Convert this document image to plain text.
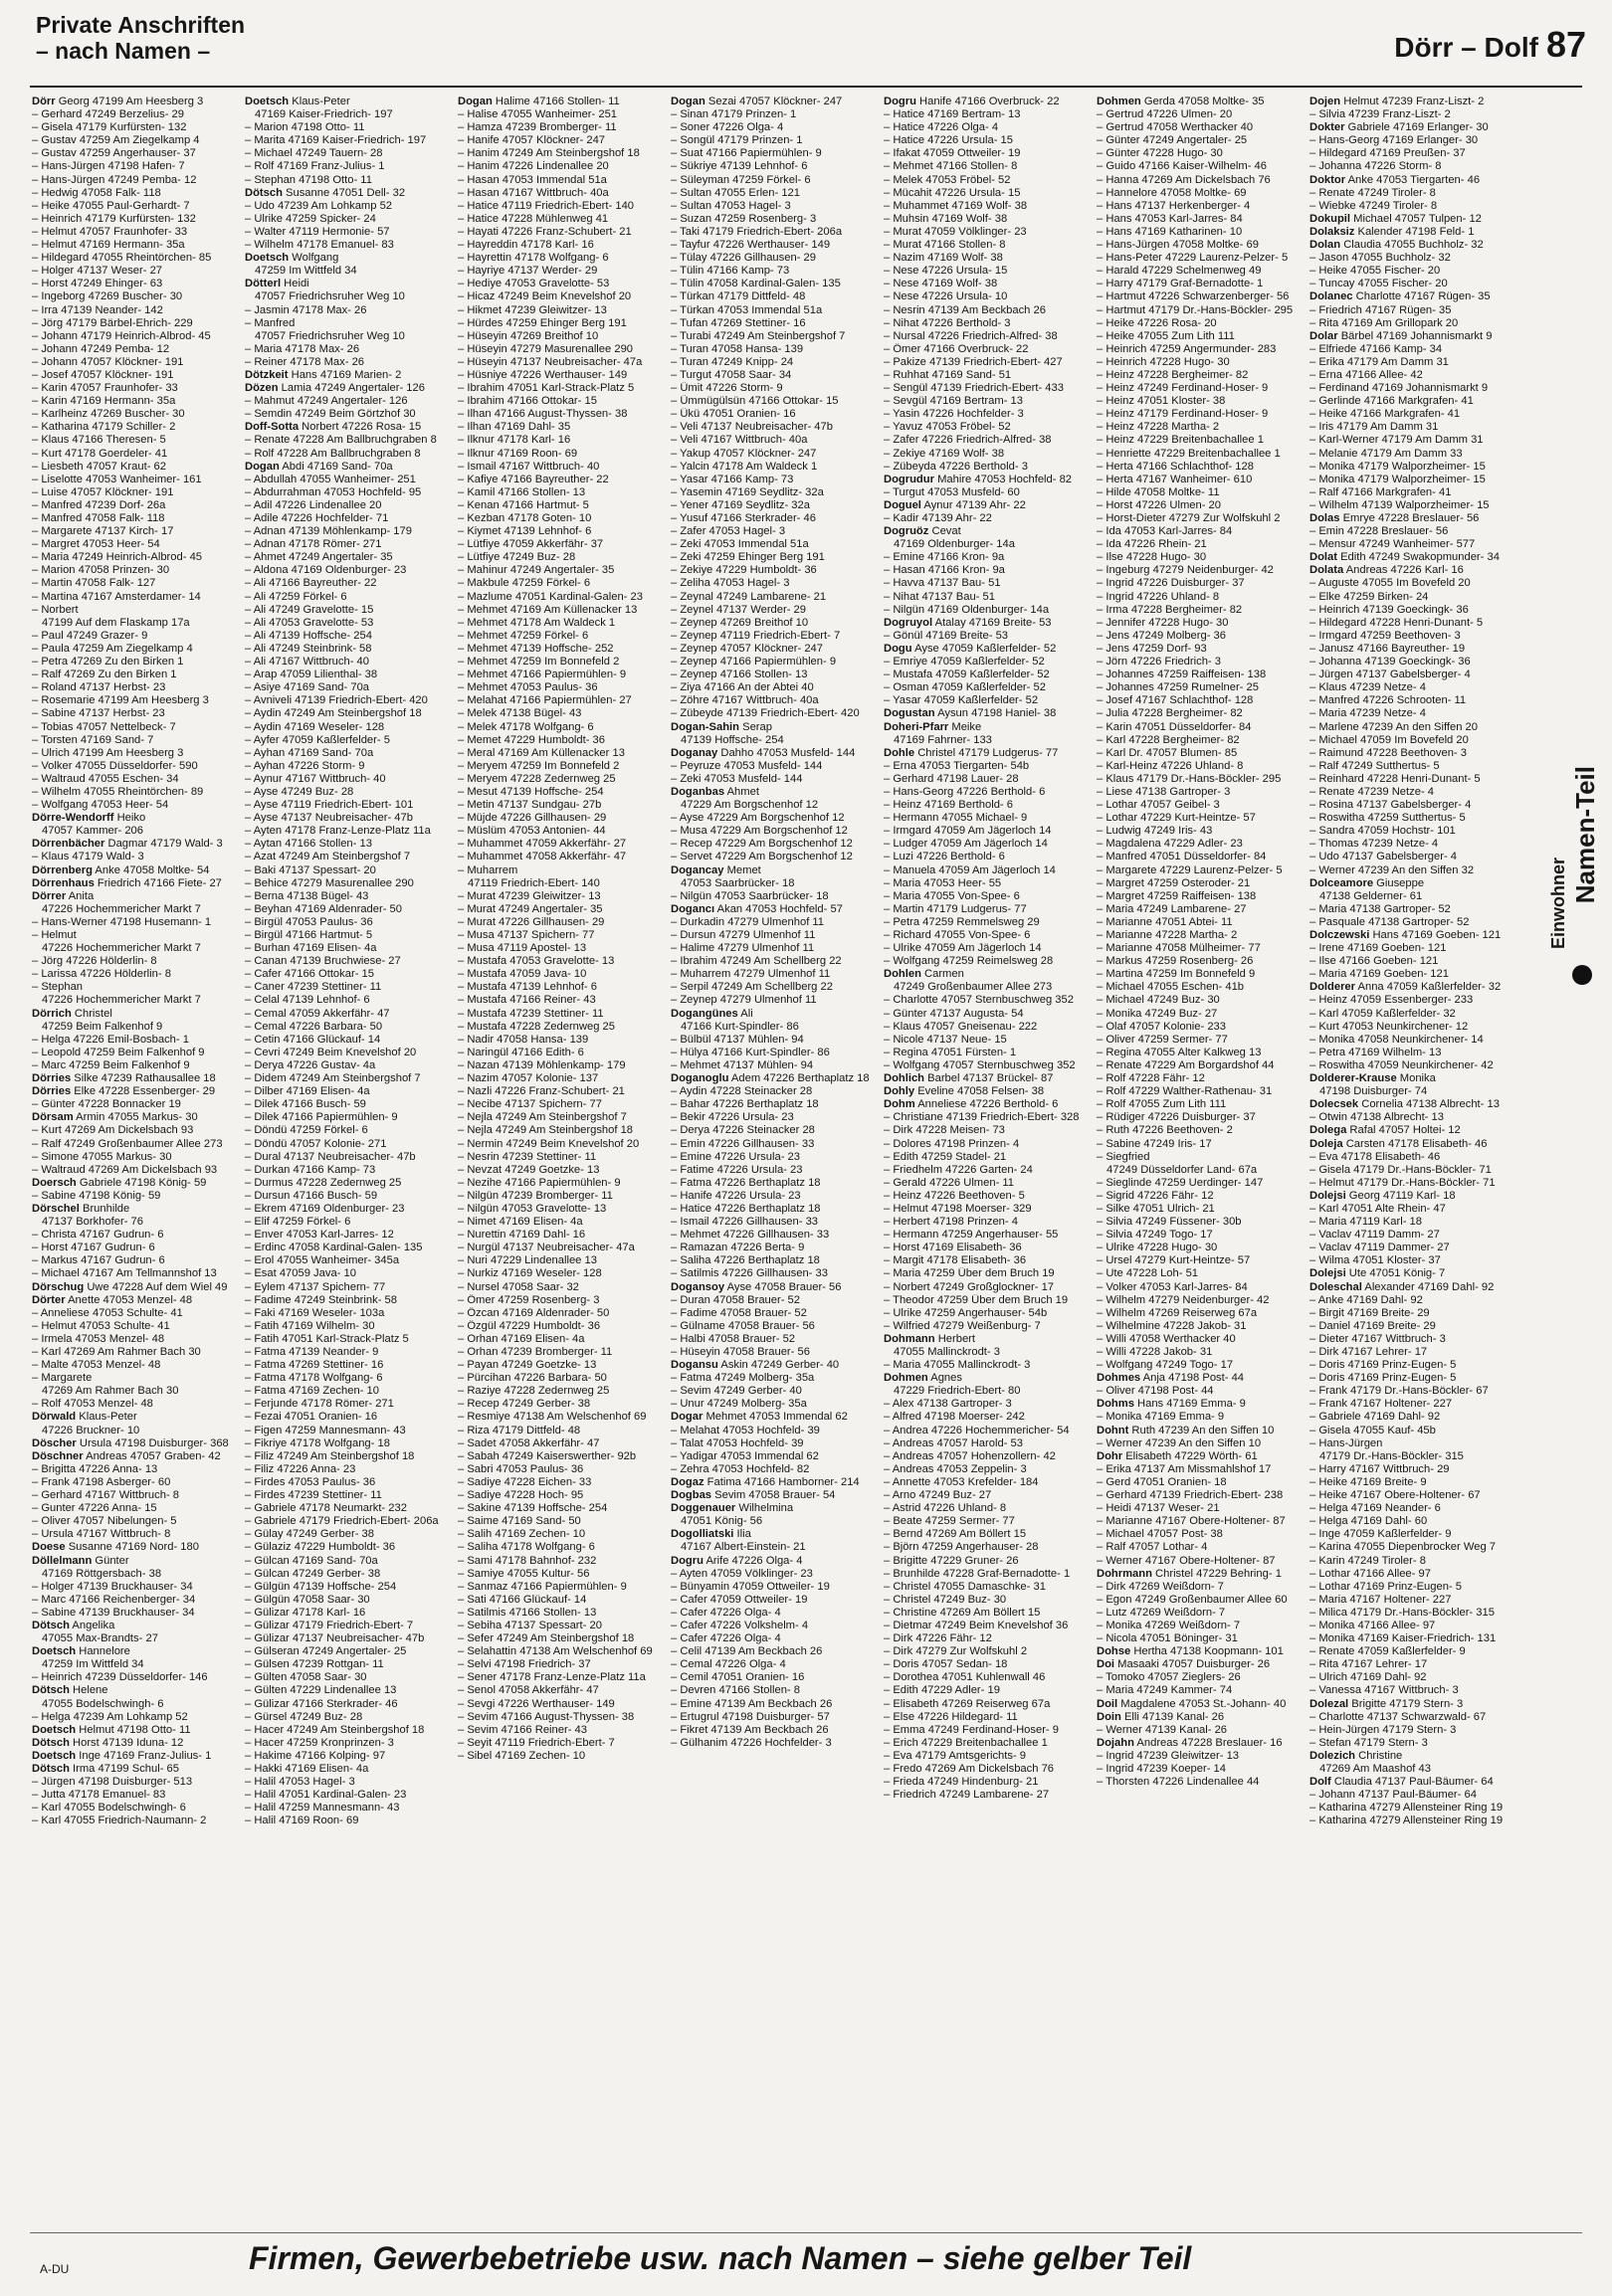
Private Anschriften
– nach Namen –	Dörr – Dolf 87
Dörr Georg 47199 Am Heesberg 3
– Gerhard 47249 Berzelius- 29
– Gisela 47179 Kurfürsten- 132
– Gustav 47259 Am Ziegelkamp 4
– Gustav 47259 Angerhauser- 37
– Hans-Jürgen 47198 Hafen- 7
– Hans-Jürgen 47249 Pemba- 12
– Hedwig 47058 Falk- 118
– Heike 47055 Paul-Gerhardt- 7
– Heinrich 47179 Kurfürsten- 132
– Helmut 47057 Fraunhofer- 33
– Helmut 47169 Hermann- 35a
– Hildegard 47055 Rheintörchen- 85
– Holger 47137 Weser- 27
– Horst 47249 Ehinger- 63
– Ingeborg 47269 Buscher- 30
– Irra 47139 Neander- 142
– Jörg 47179 Bärbel-Ehrich- 229
– Johann 47179 Heinrich-Albrod- 45
– Johann 47249 Pemba- 12
– Johann 47057 Klöckner- 191
– Josef 47057 Klöckner- 191
– Karin 47057 Fraunhofer- 33
– Karin 47169 Hermann- 35a
– Karlheinz 47269 Buscher- 30
– Katharina 47179 Schiller- 2
– Klaus 47166 Theresen- 5
– Kurt 47178 Goerdeler- 41
– Liesbeth 47057 Kraut- 62
– Liselotte 47053 Wanheimer- 161
– Luise 47057 Klöckner- 191
– Manfred 47239 Dorf- 26a
– Manfred 47058 Falk- 118
– Margarete 47137 Kirch- 17
– Margret 47053 Heer- 54
– Maria 47249 Heinrich-Albrod- 45
– Marion 47058 Prinzen- 30
– Martin 47058 Falk- 127
– Martina 47167 Amsterdamer- 14
– Norbert
47199 Auf dem Flaskamp 17a
– Paul 47249 Grazer- 9
– Paula 47259 Am Ziegelkamp 4
– Petra 47269 Zu den Birken 1
– Ralf 47269 Zu den Birken 1
– Roland 47137 Herbst- 23
– Rosemarie 47199 Am Heesberg 3
– Sabine 47137 Herbst- 23
– Tobias 47057 Nettelbeck- 7
– Torsten 47169 Sand- 7
– Ulrich 47199 Am Heesberg 3
– Volker 47055 Düsseldorfer- 590
– Waltraud 47055 Eschen- 34
– Wilhelm 47055 Rheintörchen- 89
– Wolfgang 47053 Heer- 54
Dörre-Wendorff Heiko
47057 Kammer- 206
Dörrenbächer Dagmar 47179 Wald- 3
– Klaus 47179 Wald- 3
Dörrenberg Anke 47058 Moltke- 54
Dörrenhaus Friedrich 47166 Fiete- 27
Dörrer Anita
47226 Hochemmericher Markt 7
– Hans-Werner 47198 Husemann- 1
– Helmut
47226 Hochemmericher Markt 7
– Jörg 47226 Hölderlin- 8
– Larissa 47226 Hölderlin- 8
– Stephan
47226 Hochemmericher Markt 7
Dörrich Christel
47259 Beim Falkenhof 9
– Helga 47226 Emil-Bosbach- 1
– Leopold 47259 Beim Falkenhof 9
– Marc 47259 Beim Falkenhof 9
Dörries Silke 47239 Rathausallee 18
Dörries Elke 47228 Essenberger- 29
– Günter 47228 Bonnacker 19
Dörsam Armin 47055 Markus- 30
– Kurt 47269 Am Dickelsbach 93
– Ralf 47249 Großenbaumer Allee 273
– Simone 47055 Markus- 30
– Waltraud 47269 Am Dickelsbach 93
Doersch Gabriele 47198 König- 59
– Sabine 47198 König- 59
Dörschel Brunhilde
47137 Borkhofer- 76
– Christa 47167 Gudrun- 6
– Horst 47167 Gudrun- 6
– Markus 47167 Gudrun- 6
– Michael 47167 Am Tellmannshof 13
Dörschug Uwe 47228 Auf dem Wiel 49
Dörter Anette 47053 Menzel- 48
– Anneliese 47053 Schulte- 41
– Helmut 47053 Schulte- 41
– Irmela 47053 Menzel- 48
– Karl 47269 Am Rahmer Bach 30
– Malte 47053 Menzel- 48
– Margarete
47269 Am Rahmer Bach 30
– Rolf 47053 Menzel- 48
Dörwald Klaus-Peter
47226 Bruckner- 10
Döscher Ursula 47198 Duisburger- 368
Döschner Andreas 47057 Graben- 42
– Brigitta 47226 Anna- 13
– Frank 47198 Asberger- 60
– Gerhard 47167 Wittbruch- 8
– Gunter 47226 Anna- 15
– Oliver 47057 Nibelungen- 5
– Ursula 47167 Wittbruch- 8
Doese Susanne 47169 Nord- 180
Döllelmann Günter
47169 Röttgersbach- 38
– Holger 47139 Bruckhauser- 34
– Marc 47166 Reichenberger- 34
– Sabine 47139 Bruckhauser- 34
Dötsch Angelika
47055 Max-Brandts- 27
Doetsch Hannelore
47259 Im Wittfeld 34
– Heinrich 47239 Düsseldorfer- 146
Dötsch Helene
47055 Bodelschwingh- 6
– Helga 47239 Am Lohkamp 52
Doetsch Helmut 47198 Otto- 11
Dötsch Horst 47139 Iduna- 12
Doetsch Inge 47169 Franz-Julius- 1
Dötsch Irma 47199 Schul- 65
– Jürgen 47198 Duisburger- 513
– Jutta 47178 Emanuel- 83
– Karl 47055 Bodelschwingh- 6
– Karl 47055 Friedrich-Naumann- 2
Doetsch Klaus-Peter
47169 Kaiser-Friedrich- 197
– Marion 47198 Otto- 11
– Marita 47169 Kaiser-Friedrich- 197
– Michael 47249 Tauern- 28
– Rolf 47169 Franz-Julius- 1
– Stephan 47198 Otto- 11
Dötsch Susanne 47051 Dell- 32
– Udo 47239 Am Lohkamp 52
– Ulrike 47259 Spicker- 24
– Walter 47119 Hermonie- 57
– Wilhelm 47178 Emanuel- 83
Doetsch Wolfgang
47259 Im Wittfeld 34
Dötterl Heidi
47057 Friedrichsruher Weg 10
– Jasmin 47178 Max- 26
– Manfred
47057 Friedrichsruher Weg 10
– Maria 47178 Max- 26
– Reiner 47178 Max- 26
Dötzkeit Hans 47169 Marien- 2
Dözen Lamia 47249 Angertaler- 126
– Mahmut 47249 Angertaler- 126
– Semdin 47249 Beim Görtzhof 30
Doff-Sotta Norbert 47226 Rosa- 15
– Renate 47228 Am Ballbruchgraben 8
– Rolf 47228 Am Ballbruchgraben 8
Dogan Abdi 47169 Sand- 70a
– Abdullah 47055 Wanheimer- 251
– Abdurrahman 47053 Hochfeld- 95
– Adil 47226 Lindenallee 20
– Adile 47226 Hochfelder- 71
– Adnan 47139 Möhlenkamp- 179
– Adnan 47178 Römer- 271
– Ahmet 47249 Angertaler- 35
– Aldona 47169 Oldenburger- 23
– Ali 47166 Bayreuther- 22
– Ali 47259 Förkel- 6
– Ali 47249 Gravelotte- 15
– Ali 47053 Gravelotte- 53
– Ali 47139 Hoffsche- 254
– Ali 47249 Steinbrink- 58
– Ali 47167 Wittbruch- 40
– Arap 47059 Lilienthal- 38
– Asiye 47169 Sand- 70a
– Avniveli 47139 Friedrich-Ebert- 420
– Aydin 47249 Am Steinbergshof 18
– Aydin 47169 Weseler- 128
– Ayfer 47059 Kaßlerfelder- 5
– Ayhan 47169 Sand- 70a
– Ayhan 47226 Storm- 9
– Aynur 47167 Wittbruch- 40
– Ayse 47249 Buz- 28
– Ayse 47119 Friedrich-Ebert- 101
– Ayse 47137 Neubreisacher- 47b
– Ayten 47178 Franz-Lenze-Platz 11a
– Aytan 47166 Stollen- 13
– Azat 47249 Am Steinbergshof 7
– Baki 47137 Spessart- 20
– Behice 47279 Masurenallee 290
– Berna 47138 Bügel- 43
– Beyhan 47169 Aldenrader- 50
– Birgül 47053 Paulus- 36
– Birgül 47166 Hartmut- 5
– Burhan 47169 Elisen- 4a
– Canan 47139 Bruchwiese- 27
– Cafer 47166 Ottokar- 15
– Caner 47239 Stettiner- 11
– Celal 47139 Lehnhof- 6
– Cemal 47059 Akkerfähr- 47
– Cemal 47226 Barbara- 50
– Cetin 47166 Glückauf- 14
– Cevri 47249 Beim Knevelshof 20
– Derya 47226 Gustav- 4a
– Didem 47249 Am Steinbergshof 7
– Dilber 47169 Elisen- 4a
– Dilek 47166 Busch- 59
– Dilek 47166 Papiermühlen- 9
– Döndü 47259 Förkel- 6
– Döndü 47057 Kolonie- 271
– Dural 47137 Neubreisacher- 47b
– Durkan 47166 Kamp- 73
– Durmus 47228 Zedernweg 25
– Dursun 47166 Busch- 59
– Ekrem 47169 Oldenburger- 23
– Elif 47259 Förkel- 6
– Enver 47053 Karl-Jarres- 12
– Erdinc 47058 Kardinal-Galen- 135
– Erol 47055 Wanheimer- 345a
– Esat 47059 Java- 10
– Eylem 47137 Spichern- 77
– Fadime 47249 Steinbrink- 58
– Faki 47169 Weseler- 103a
– Fatih 47169 Wilhelm- 30
– Fatih 47051 Karl-Strack-Platz 5
– Fatma 47139 Neander- 9
– Fatma 47269 Stettiner- 16
– Fatma 47178 Wolfgang- 6
– Fatma 47169 Zechen- 10
– Ferjunde 47178 Römer- 271
– Fezai 47051 Oranien- 16
– Figen 47259 Mannesmann- 43
– Fikriye 47178 Wolfgang- 18
– Filiz 47249 Am Steinbergshof 18
– Filiz 47226 Anna- 23
– Firdes 47053 Paulus- 36
– Firdes 47239 Stettiner- 11
– Gabriele 47178 Neumarkt- 232
– Gabriele 47179 Friedrich-Ebert- 206a
– Gülay 47249 Gerber- 38
– Gülaziz 47229 Humboldt- 36
– Gülcan 47169 Sand- 70a
– Gülcan 47249 Gerber- 38
– Gülgün 47139 Hoffsche- 254
– Gülgün 47058 Saar- 30
– Gülizar 47178 Karl- 16
– Gülizar 47179 Friedrich-Ebert- 7
– Gülizar 47137 Neubreisacher- 47b
– Gülseran 47249 Angertaler- 25
– Gülsen 47239 Rottgan- 11
– Gülten 47058 Saar- 30
– Gülten 47229 Lindenallee 13
– Gülizar 47166 Sterkrader- 46
– Gürsel 47249 Buz- 28
– Hacer 47249 Am Steinbergshof 18
– Hacer 47259 Kronprinzen- 3
– Hakime 47166 Kolping- 97
– Hakki 47169 Elisen- 4a
– Halil 47053 Hagel- 3
– Halil 47051 Kardinal-Galen- 23
– Halil 47259 Mannesmann- 43
– Halil 47169 Roon- 69
Dogan Halime 47166 Stollen- 11
– Halise 47055 Wanheimer- 251
– Hamza 47239 Bromberger- 11
– Hanife 47057 Klöckner- 247
– Hanim 47249 Am Steinbergshof 18
– Hanim 47226 Lindenallee 20
– Hasan 47053 Immendal 51a
– Hasan 47167 Wittbruch- 40a
– Hatice 47119 Friedrich-Ebert- 140
– Hatice 47228 Mühlenweg 41
– Hayati 47226 Franz-Schubert- 21
– Hayreddin 47178 Karl- 16
– Hayrettin 47178 Wolfgang- 6
– Hayriye 47137 Werder- 29
– Hediye 47053 Gravelotte- 53
– Hicaz 47249 Beim Knevelshof 20
– Hikmet 47239 Gleiwitzer- 13
– Hürdes 47259 Ehinger Berg 191
– Hüseyin 47269 Breithof 10
– Hüseyin 47279 Masurenallee 290
– Hüseyin 47137 Neubreisacher- 47a
– Hüsniye 47226 Werthauser- 149
– Ibrahim 47051 Karl-Strack-Platz 5
– Ibrahim 47166 Ottokar- 15
– Ilhan 47166 August-Thyssen- 38
– Ilhan 47169 Dahl- 35
– Ilknur 47178 Karl- 16
– Ilknur 47169 Roon- 69
– Ismail 47167 Wittbruch- 40
– Kafiye 47166 Bayreuther- 22
– Kamil 47166 Stollen- 13
– Kenan 47166 Hartmut- 5
– Kezban 47178 Goten- 10
– Kiymet 47139 Lehnhof- 6
– Lütfiye 47059 Akkerfähr- 37
– Lütfiye 47249 Buz- 28
– Mahinur 47249 Angertaler- 35
– Makbule 47259 Förkel- 6
– Mazlume 47051 Kardinal-Galen- 23
– Mehmet 47169 Am Küllenacker 13
– Mehmet 47178 Am Waldeck 1
– Mehmet 47259 Förkel- 6
– Mehmet 47139 Hoffsche- 252
– Mehmet 47259 Im Bonnefeld 2
– Mehmet 47166 Papiermühlen- 9
– Mehmet 47053 Paulus- 36
– Melahat 47166 Papiermühlen- 27
– Melek 47138 Bügel- 43
– Melek 47178 Wolfgang- 6
– Memet 47229 Humboldt- 36
– Meral 47169 Am Küllenacker 13
– Meryem 47259 Im Bonnefeld 2
– Meryem 47228 Zedernweg 25
– Mesut 47139 Hoffsche- 254
– Metin 47137 Sundgau- 27b
– Müjde 47226 Gillhausen- 29
– Müslüm 47053 Antonien- 44
– Muhammet 47059 Akkerfähr- 27
– Muhammet 47058 Akkerfähr- 47
– Muharrem
47119 Friedrich-Ebert- 140
– Murat 47239 Gleiwitzer- 13
– Murat 47249 Angertaler- 35
– Murat 47226 Gillhausen- 29
– Musa 47137 Spichern- 77
– Musa 47119 Apostel- 13
– Mustafa 47053 Gravelotte- 13
– Mustafa 47059 Java- 10
– Mustafa 47139 Lehnhof- 6
– Mustafa 47166 Reiner- 43
– Mustafa 47239 Stettiner- 11
– Mustafa 47228 Zedernweg 25
– Nadir 47058 Hansa- 139
– Naringül 47166 Edith- 6
– Nazan 47139 Möhlenkamp- 179
– Nazim 47057 Kolonie- 137
– Nazli 47226 Franz-Schubert- 21
– Necibe 47137 Spichern- 77
– Nejla 47249 Am Steinbergshof 7
– Nejla 47249 Am Steinbergshof 18
– Nermin 47249 Beim Knevelshof 20
– Nesrin 47239 Stettiner- 11
– Nevzat 47249 Goetzke- 13
– Nezihe 47166 Papiermühlen- 9
– Nilgün 47239 Bromberger- 11
– Nilgün 47053 Gravelotte- 13
– Nimet 47169 Elisen- 4a
– Nurettin 47169 Dahl- 16
– Nurgül 47137 Neubreisacher- 47a
– Nuri 47229 Lindenallee 13
– Nurkiz 47169 Weseler- 128
– Nursel 47058 Saar- 32
– Ömer 47259 Rosenberg- 3
– Özcan 47169 Aldenrader- 50
– Özgül 47229 Humboldt- 36
– Orhan 47169 Elisen- 4a
– Orhan 47239 Bromberger- 11
– Payan 47249 Goetzke- 13
– Pürcihan 47226 Barbara- 50
– Raziye 47228 Zedernweg 25
– Recep 47249 Gerber- 38
– Resmiye 47138 Am Welschenhof 69
– Riza 47179 Dittfeld- 48
– Sadet 47058 Akkerfähr- 47
– Sabah 47249 Kaiserswerther- 92b
– Sabri 47053 Paulus- 36
– Sadiye 47228 Eichen- 33
– Sadiye 47228 Hoch- 95
– Sakine 47139 Hoffsche- 254
– Saime 47169 Sand- 50
– Salih 47169 Zechen- 10
– Saliha 47178 Wolfgang- 6
– Sami 47178 Bahnhof- 232
– Samiye 47055 Kultur- 56
– Sanmaz 47166 Papiermühlen- 9
– Sati 47166 Glückauf- 14
– Satilmis 47166 Stollen- 13
– Sebiha 47137 Spessart- 20
– Sefer 47249 Am Steinbergshof 18
– Selahattin 47138 Am Welschenhof 69
– Selvi 47198 Friedrich- 37
– Sener 47178 Franz-Lenze-Platz 11a
– Senol 47058 Akkerfähr- 47
– Sevgi 47226 Werthauser- 149
– Sevim 47166 August-Thyssen- 38
– Sevim 47166 Reiner- 43
– Seyit 47119 Friedrich-Ebert- 7
– Sibel 47169 Zechen- 10
Dogan Sezai 47057 Klöckner- 247
– Sinan 47179 Prinzen- 1
– Soner 47226 Olga- 4
– Songül 47179 Prinzen- 1
– Suat 47166 Papiermühlen- 9
– Sükriye 47139 Lehnhof- 6
– Süleyman 47259 Förkel- 6
– Sultan 47055 Erlen- 121
– Sultan 47053 Hagel- 3
– Suzan 47259 Rosenberg- 3
– Taki 47179 Friedrich-Ebert- 206a
– Tayfur 47226 Werthauser- 149
– Tülay 47226 Gillhausen- 29
– Tülin 47166 Kamp- 73
– Tülin 47058 Kardinal-Galen- 135
– Türkan 47179 Dittfeld- 48
– Türkan 47053 Immendal 51a
– Tufan 47269 Stettiner- 16
– Turabi 47249 Am Steinbergshof 7
– Turan 47058 Hansa- 139
– Turan 47249 Knipp- 24
– Turgut 47058 Saar- 34
– Ümit 47226 Storm- 9
– Ümmügülsün 47166 Ottokar- 15
– Ükü 47051 Oranien- 16
– Veli 47137 Neubreisacher- 47b
– Veli 47167 Wittbruch- 40a
– Yakup 47057 Klöckner- 247
– Yalcin 47178 Am Waldeck 1
– Yasar 47166 Kamp- 73
– Yasemin 47169 Seydlitz- 32a
– Yener 47169 Seydlitz- 32a
– Yusuf 47166 Sterkrader- 46
– Zafer 47053 Hagel- 3
– Zeki 47053 Immendal 51a
– Zeki 47259 Ehinger Berg 191
– Zekiye 47229 Humboldt- 36
– Zeliha 47053 Hagel- 3
– Zeynal 47249 Lambarene- 21
– Zeynel 47137 Werder- 29
– Zeynep 47269 Breithof 10
– Zeynep 47119 Friedrich-Ebert- 7
– Zeynep 47057 Klöckner- 247
– Zeynep 47166 Papiermühlen- 9
– Zeynep 47166 Stollen- 13
– Ziya 47166 An der Abtei 40
– Zöhre 47167 Wittbruch- 40a
– Zübeyde 47139 Friedrich-Ebert- 420
Dogan-Sahin Serap
47139 Hoffsche- 254
Doganay Dahho 47053 Musfeld- 144
– Peyruze 47053 Musfeld- 144
– Zeki 47053 Musfeld- 144
Doganbas Ahmet
47229 Am Borgschenhof 12
– Ayse 47229 Am Borgschenhof 12
– Musa 47229 Am Borgschenhof 12
– Recep 47229 Am Borgschenhof 12
– Servet 47229 Am Borgschenhof 12
Dogancay Memet
47053 Saarbrücker- 18
– Nilgün 47053 Saarbrücker- 18
Dogancı Akan 47053 Hochfeld- 57
– Durkadin 47279 Ulmenhof 11
– Dursun 47279 Ulmenhof 11
– Halime 47279 Ulmenhof 11
– Ibrahim 47249 Am Schellberg 22
– Muharrem 47279 Ulmenhof 11
– Serpil 47249 Am Schellberg 22
– Zeynep 47279 Ulmenhof 11
Dogangünes Ali
47166 Kurt-Spindler- 86
– Bülbül 47137 Mühlen- 94
– Hülya 47166 Kurt-Spindler- 86
– Mehmet 47137 Mühlen- 94
Doganoglu Adem 47226 Berthaplatz 18
– Aydin 47228 Steinacker 28
– Bahar 47226 Berthaplatz 18
– Bekir 47226 Ursula- 23
– Derya 47226 Steinacker 28
– Emin 47226 Gillhausen- 33
– Emine 47226 Ursula- 23
– Fatime 47226 Ursula- 23
– Fatma 47226 Berthaplatz 18
– Hanife 47226 Ursula- 23
– Hatice 47226 Berthaplatz 18
– Ismail 47226 Gillhausen- 33
– Mehmet 47226 Gillhausen- 33
– Ramazan 47226 Berta- 9
– Saliha 47226 Berthaplatz 18
– Satilmis 47226 Gillhausen- 33
Dogansoy Ayse 47058 Brauer- 56
– Duran 47058 Brauer- 52
– Fadime 47058 Brauer- 52
– Gülname 47058 Brauer- 56
– Halbi 47058 Brauer- 52
– Hüseyin 47058 Brauer- 56
Dogansu Askin 47249 Gerber- 40
– Fatma 47249 Molberg- 35a
– Sevim 47249 Gerber- 40
– Unur 47249 Molberg- 35a
Dogar Mehmet 47053 Immendal 62
– Melahat 47053 Hochfeld- 39
– Talat 47053 Hochfeld- 39
– Yadigar 47053 Immendal 62
– Zehra 47053 Hochfeld- 82
Dogaz Fatima 47166 Hamborner- 214
Dogbas Sevim 47058 Brauer- 54
Doggenauer Wilhelmina
47051 König- 56
Dogolliatski Ilia
47167 Albert-Einstein- 21
Dogru Arife 47226 Olga- 4
– Ayten 47059 Völklinger- 23
– Bünyamin 47059 Ottweiler- 19
– Cafer 47059 Ottweiler- 19
– Cafer 47226 Olga- 4
– Cafer 47226 Volkshelm- 4
– Cafer 47226 Olga- 4
– Celil 47139 Am Beckbach 26
– Cemal 47226 Olga- 4
– Cemil 47051 Oranien- 16
– Devren 47166 Stollen- 8
– Emine 47139 Am Beckbach 26
– Ertugrul 47198 Duisburger- 57
– Fikret 47139 Am Beckbach 26
– Gülhanim 47226 Hochfelder- 3
Dogru Hanife 47166 Overbruck- 22
– Hatice 47169 Bertram- 13
– Hatice 47226 Olga- 4
– Hatice 47226 Ursula- 15
– Ifakat 47059 Ottweiler- 19
– Mehmet 47166 Stollen- 8
– Melek 47053 Fröbel- 52
– Mücahit 47226 Ursula- 15
– Muhammet 47169 Wolf- 38
– Muhsin 47169 Wolf- 38
– Murat 47059 Völklinger- 23
– Murat 47166 Stollen- 8
– Nazim 47169 Wolf- 38
– Nese 47226 Ursula- 15
– Nese 47169 Wolf- 38
– Nese 47226 Ursula- 10
– Nesrin 47139 Am Beckbach 26
– Nihat 47226 Berthold- 3
– Nursal 47226 Friedrich-Alfred- 38
– Ömer 47166 Overbruck- 22
– Pakize 47139 Friedrich-Ebert- 427
– Ruhhat 47169 Sand- 51
– Sengül 47139 Friedrich-Ebert- 433
– Sevgül 47169 Bertram- 13
– Yasin 47226 Hochfelder- 3
– Yavuz 47053 Fröbel- 52
– Zafer 47226 Friedrich-Alfred- 38
– Zekiye 47169 Wolf- 38
– Zübeyda 47226 Berthold- 3
Dogrudur Mahire 47053 Hochfeld- 82
– Turgut 47053 Musfeld- 60
Doguel Aynur 47139 Ahr- 22
– Kadir 47139 Ahr- 22
Dogruöz Cevat
47169 Oldenburger- 14a
– Emine 47166 Kron- 9a
– Hasan 47166 Kron- 9a
– Havva 47137 Bau- 51
– Nihat 47137 Bau- 51
– Nilgün 47169 Oldenburger- 14a
Dogruyol Atalay 47169 Breite- 53
– Gönül 47169 Breite- 53
Dogu Ayse 47059 Kaßlerfelder- 52
– Emriye 47059 Kaßlerfelder- 52
– Mustafa 47059 Kaßlerfelder- 52
– Osman 47059 Kaßlerfelder- 52
– Yasar 47059 Kaßlerfelder- 52
Dogustan Aysun 47198 Haniel- 38
Doheri-Pfarr Meike
47169 Fahrner- 133
Dohle Christel 47179 Ludgerus- 77
– Erna 47053 Tiergarten- 54b
– Gerhard 47198 Lauer- 28
– Hans-Georg 47226 Berthold- 6
– Heinz 47169 Berthold- 6
– Hermann 47055 Michael- 9
– Irmgard 47059 Am Jägerloch 14
– Ludger 47059 Am Jägerloch 14
– Luzi 47226 Berthold- 6
– Manuela 47059 Am Jägerloch 14
– Maria 47053 Heer- 55
– Maria 47055 Von-Spee- 6
– Martin 47179 Ludgerus- 77
– Petra 47259 Remmelsweg 29
– Richard 47055 Von-Spee- 6
– Ulrike 47059 Am Jägerloch 14
– Wolfgang 47259 Reimelsweg 28
Dohlen Carmen
47249 Großenbaumer Allee 273
– Charlotte 47057 Sternbuschweg 352
– Günter 47137 Augusta- 54
– Klaus 47057 Gneisenau- 222
– Nicole 47137 Neue- 15
– Regina 47051 Fürsten- 1
– Wolfgang 47057 Sternbuschweg 352
Dohlich Barbel 47137 Brückel- 87
Dohly Eveline 47058 Felsen- 38
Dohm Anneliese 47226 Berthold- 6
– Christiane 47139 Friedrich-Ebert- 328
– Dirk 47228 Meisen- 73
– Dolores 47198 Prinzen- 4
– Edith 47259 Stadel- 21
– Friedhelm 47226 Garten- 24
– Gerald 47226 Ulmen- 11
– Heinz 47226 Beethoven- 5
– Helmut 47198 Moerser- 329
– Herbert 47198 Prinzen- 4
– Hermann 47259 Angerhauser- 55
– Horst 47169 Elisabeth- 36
– Margit 47178 Elisabeth- 36
– Maria 47259 Über dem Bruch 19
– Norbert 47249 Großglockner- 17
– Theodor 47259 Über dem Bruch 19
– Ulrike 47259 Angerhauser- 54b
– Wilfried 47279 Weißenburg- 7
Dohmann Herbert
47055 Mallinckrodt- 3
– Maria 47055 Mallinckrodt- 3
Dohmen Agnes
47229 Friedrich-Ebert- 80
– Alex 47138 Gartroper- 3
– Alfred 47198 Moerser- 242
– Andrea 47226 Hochemmericher- 54
– Andreas 47057 Harold- 53
– Andreas 47057 Hohenzollern- 42
– Andreas 47053 Zeppelin- 3
– Annette 47053 Krefelder- 184
– Arno 47249 Buz- 27
– Astrid 47226 Uhland- 8
– Beate 47259 Sermer- 77
– Bernd 47269 Am Böllert 15
– Björn 47259 Angerhauser- 28
– Brigitte 47229 Gruner- 26
– Brunhilde 47228 Graf-Bernadotte- 1
– Christel 47055 Damaschke- 31
– Christel 47249 Buz- 30
– Christine 47269 Am Böllert 15
– Dietmar 47249 Beim Knevelshof 36
– Dirk 47226 Fähr- 12
– Dirk 47279 Zur Wolfskuhl 2
– Doris 47057 Sedan- 18
– Dorothea 47051 Kuhlenwall 46
– Edith 47229 Adler- 19
– Elisabeth 47269 Reiserweg 67a
– Else 47226 Hildegard- 11
– Emma 47249 Ferdinand-Hoser- 9
– Erich 47229 Breitenbachallee 1
– Eva 47179 Amtsgerichts- 9
– Fredo 47269 Am Dickelsbach 76
– Frieda 47249 Hindenburg- 21
– Friedrich 47249 Lambarene- 27
Dohmen Gerda 47058 Moltke- 35
– Gertrud 47226 Ulmen- 20
– Gertrud 47058 Werthacker 40
– Günter 47249 Angertaler- 25
– Günter 47228 Hugo- 30
– Guido 47166 Kaiser-Wilhelm- 46
– Hanna 47269 Am Dickelsbach 76
– Hannelore 47058 Moltke- 69
– Hans 47137 Herkenberger- 4
– Hans 47053 Karl-Jarres- 84
– Hans 47169 Katharinen- 10
– Hans-Jürgen 47058 Moltke- 69
– Hans-Peter 47229 Laurenz-Pelzer- 5
– Harald 47229 Schelmenweg 49
– Harry 47179 Graf-Bernadotte- 1
– Hartmut 47226 Schwarzenberger- 56
– Hartmut 47179 Dr.-Hans-Böckler- 295
– Heike 47226 Rosa- 20
– Heike 47055 Zum Lith 111
– Heinrich 47259 Angermunder- 283
– Heinrich 47228 Hugo- 30
– Heinz 47228 Bergheimer- 82
– Heinz 47249 Ferdinand-Hoser- 9
– Heinz 47051 Kloster- 38
– Heinz 47179 Ferdinand-Hoser- 9
– Heinz 47228 Martha- 2
– Heinz 47229 Breitenbachallee 1
– Henriette 47229 Breitenbachallee 1
– Herta 47166 Schlachthof- 128
– Herta 47167 Wanheimer- 610
– Hilde 47058 Moltke- 11
– Horst 47226 Ulmen- 20
– Horst-Dieter 47279 Zur Wolfskuhl 2
– Ida 47053 Karl-Jarres- 84
– Ida 47226 Rhein- 21
– Ilse 47228 Hugo- 30
– Ingeburg 47279 Neidenburger- 42
– Ingrid 47226 Duisburger- 37
– Ingrid 47226 Uhland- 8
– Irma 47228 Bergheimer- 82
– Jennifer 47228 Hugo- 30
– Jens 47249 Molberg- 36
– Jens 47259 Dorf- 93
– Jörn 47226 Friedrich- 3
– Johannes 47259 Raiffeisen- 138
– Johannes 47259 Rumelner- 25
– Josef 47167 Schlachthof- 128
– Julia 47228 Bergheimer- 82
– Karin 47051 Düsseldorfer- 84
– Karl 47228 Bergheimer- 82
– Karl Dr. 47057 Blumen- 85
– Karl-Heinz 47226 Uhland- 8
– Klaus 47179 Dr.-Hans-Böckler- 295
– Liese 47138 Gartroper- 3
– Lothar 47057 Geibel- 3
– Lothar 47229 Kurt-Heintze- 57
– Ludwig 47249 Iris- 43
– Magdalena 47229 Adler- 23
– Manfred 47051 Düsseldorfer- 84
– Margarete 47229 Laurenz-Pelzer- 5
– Margret 47259 Osteroder- 21
– Margret 47259 Raiffeisen- 138
– Maria 47249 Lambarene- 27
– Marianne 47051 Abtei- 11
– Marianne 47228 Martha- 2
– Marianne 47058 Mülheimer- 77
– Markus 47259 Rosenberg- 26
– Martina 47259 Im Bonnefeld 9
– Michael 47055 Eschen- 41b
– Michael 47249 Buz- 30
– Monika 47249 Buz- 27
– Olaf 47057 Kolonie- 233
– Oliver 47259 Sermer- 77
– Regina 47055 Alter Kalkweg 13
– Renate 47229 Am Borgardshof 44
– Rolf 47228 Fähr- 12
– Rolf 47229 Walther-Rathenau- 31
– Rolf 47055 Zum Lith 111
– Rüdiger 47226 Duisburger- 37
– Ruth 47226 Beethoven- 2
– Sabine 47249 Iris- 17
– Siegfried
47249 Düsseldorfer Land- 67a
– Sieglinde 47259 Uerdinger- 147
– Sigrid 47226 Fähr- 12
– Silke 47051 Ulrich- 21
– Silvia 47249 Füssener- 30b
– Silvia 47249 Togo- 17
– Ulrike 47228 Hugo- 30
– Ursel 47279 Kurt-Heintze- 57
– Ute 47228 Loh- 51
– Volker 47053 Karl-Jarres- 84
– Wilhelm 47279 Neidenburger- 42
– Wilhelm 47269 Reiserweg 67a
– Wilhelmine 47228 Jakob- 31
– Willi 47058 Werthacker 40
– Willi 47228 Jakob- 31
– Wolfgang 47249 Togo- 17
Dohmes Anja 47198 Post- 44
– Oliver 47198 Post- 44
Dohms Hans 47169 Emma- 9
– Monika 47169 Emma- 9
Dohnt Ruth 47239 An den Siffen 10
– Werner 47239 An den Siffen 10
Dohr Elisabeth 47229 Wörth- 61
– Erika 47137 Am Missmahlshof 17
– Gerd 47051 Oranien- 18
– Gerhard 47139 Friedrich-Ebert- 238
– Heidi 47137 Weser- 21
– Marianne 47167 Obere-Holtener- 87
– Michael 47057 Post- 38
– Ralf 47057 Lothar- 4
– Werner 47167 Obere-Holtener- 87
Dohrmann Christel 47229 Behring- 1
– Dirk 47269 Weißdorn- 7
– Egon 47249 Großenbaumer Allee 60
– Lutz 47269 Weißdorn- 7
– Monika 47269 Weißdorn- 7
– Nicola 47051 Böninger- 31
Dohse Hertha 47138 Koopmann- 101
Doi Masaaki 47057 Duisburger- 26
– Tomoko 47057 Zieglers- 26
– Maria 47249 Kammer- 74
Doil Magdalene 47053 St.-Johann- 40
Doin Elli 47139 Kanal- 26
– Werner 47139 Kanal- 26
Dojahn Andreas 47228 Breslauer- 16
– Ingrid 47239 Gleiwitzer- 13
– Ingrid 47239 Koeper- 14
– Thorsten 47226 Lindenallee 44
Dojen Helmut 47239 Franz-Liszt- 2
– Silvia 47239 Franz-Liszt- 2
Dokter Gabriele 47169 Erlanger- 30
– Hans-Georg 47169 Erlanger- 30
– Hildegard 47169 Preußen- 37
– Johanna 47226 Storm- 8
Doktor Anke 47053 Tiergarten- 46
– Renate 47249 Tiroler- 8
– Wiebke 47249 Tiroler- 8
Dokupil Michael 47057 Tulpen- 12
Dolaksiz Kalender 47198 Feld- 1
Dolan Claudia 47055 Buchholz- 32
– Jason 47055 Buchholz- 32
– Heike 47055 Fischer- 20
– Tuncay 47055 Fischer- 20
Dolanec Charlotte 47167 Rügen- 35
– Friedrich 47167 Rügen- 35
– Rita 47169 Am Grillopark 20
Dolar Bärbel 47169 Johannismarkt 9
– Elfriede 47166 Kamp- 34
– Erika 47179 Am Damm 31
– Erna 47166 Allee- 42
– Ferdinand 47169 Johannismarkt 9
– Gerlinde 47166 Markgrafen- 41
– Heike 47166 Markgrafen- 41
– Iris 47179 Am Damm 31
– Karl-Werner 47179 Am Damm 31
– Melanie 47179 Am Damm 33
– Monika 47179 Walporzheimer- 15
– Monika 47179 Walporzheimer- 15
– Ralf 47166 Markgrafen- 41
– Wilhelm 47139 Walporzheimer- 15
Dolas Emrye 47228 Breslauer- 56
– Emin 47228 Breslauer- 56
– Mensur 47249 Wanheimer- 577
Dolat Edith 47249 Swakopmunder- 34
Dolata Andreas 47226 Karl- 16
– Auguste 47055 Im Bovefeld 20
– Elke 47259 Birken- 24
– Heinrich 47139 Goeckingk- 36
– Hildegard 47228 Henri-Dunant- 5
– Irmgard 47259 Beethoven- 3
– Janusz 47166 Bayreuther- 19
– Johanna 47139 Goeckingk- 36
– Jürgen 47137 Gabelsberger- 4
– Klaus 47239 Netze- 4
– Manfred 47226 Schrooten- 11
– Maria 47239 Netze- 4
– Marlene 47239 An den Siffen 20
– Michael 47059 Im Bovefeld 20
– Raimund 47228 Beethoven- 3
– Ralf 47249 Sutthertus- 5
– Reinhard 47228 Henri-Dunant- 5
– Renate 47239 Netze- 4
– Rosina 47137 Gabelsberger- 4
– Roswitha 47259 Sutthertus- 5
– Sandra 47059 Hochstr- 101
– Thomas 47239 Netze- 4
– Udo 47137 Gabelsberger- 4
– Werner 47239 An den Siffen 32
Dolceamore Giuseppe
47138 Gelderner- 61
– Maria 47138 Gartroper- 52
– Pasquale 47138 Gartroper- 52
Dolczewski Hans 47169 Goeben- 121
– Irene 47169 Goeben- 121
– Ilse 47166 Goeben- 121
– Maria 47169 Goeben- 121
Dolderer Anna 47059 Kaßlerfelder- 32
– Heinz 47059 Essenberger- 233
– Karl 47059 Kaßlerfelder- 32
– Kurt 47053 Neunkirchener- 12
– Monika 47058 Neunkirchener- 14
– Petra 47169 Wilhelm- 13
– Roswitha 47059 Neunkirchener- 42
Dolderer-Krause Monika
47198 Duisburger- 74
Dolecsek Cornelia 47138 Albrecht- 13
– Otwin 47138 Albrecht- 13
Dolega Rafal 47057 Holtei- 12
Doleja Carsten 47178 Elisabeth- 46
– Eva 47178 Elisabeth- 46
– Gisela 47179 Dr.-Hans-Böckler- 71
– Helmut 47179 Dr.-Hans-Böckler- 71
Dolejsi Georg 47119 Karl- 18
– Karl 47051 Alte Rhein- 47
– Maria 47119 Karl- 18
– Vaclav 47119 Damm- 27
– Vaclav 47119 Dammer- 27
– Wilma 47051 Kloster- 37
Dolejsi Ute 47051 König- 7
Doleschal Alexander 47169 Dahl- 92
– Anke 47169 Dahl- 92
– Birgit 47169 Breite- 29
– Daniel 47169 Breite- 29
– Dieter 47167 Wittbruch- 3
– Dirk 47167 Lehrer- 17
– Doris 47169 Prinz-Eugen- 5
– Doris 47169 Prinz-Eugen- 5
– Frank 47179 Dr.-Hans-Böckler- 67
– Frank 47167 Holtener- 227
– Gabriele 47169 Dahl- 92
– Gisela 47055 Kauf- 45b
– Hans-Jürgen
47179 Dr.-Hans-Böckler- 315
– Harry 47167 Wittbruch- 29
– Heike 47169 Breite- 9
– Heike 47167 Obere-Holtener- 67
– Helga 47169 Neander- 6
– Helga 47169 Dahl- 60
– Inge 47059 Kaßlerfelder- 9
– Karina 47055 Diepenbrocker Weg 7
– Karin 47249 Tiroler- 8
– Lothar 47166 Allee- 97
– Lothar 47169 Prinz-Eugen- 5
– Maria 47167 Holtener- 227
– Milica 47179 Dr.-Hans-Böckler- 315
– Monika 47166 Allee- 97
– Monika 47169 Kaiser-Friedrich- 131
– Renate 47059 Kaßlerfelder- 9
– Rita 47167 Lehrer- 17
– Ulrich 47169 Dahl- 92
– Vanessa 47167 Wittbruch- 3
Dolezal Brigitte 47179 Stern- 3
– Charlotte 47137 Schwarzwald- 67
– Hein-Jürgen 47179 Stern- 3
– Stefan 47179 Stern- 3
Dolezich Christine
47269 Am Maashof 43
Dolf Claudia 47137 Paul-Bäumer- 64
– Johann 47137 Paul-Bäumer- 64
– Katharina 47279 Allensteiner Ring 19
– Katharina 47279 Allensteiner Ring 19
Einwohner Namen-Teil
A-DU	Firmen, Gewerbebetriebe usw. nach Namen – siehe gelber Teil
